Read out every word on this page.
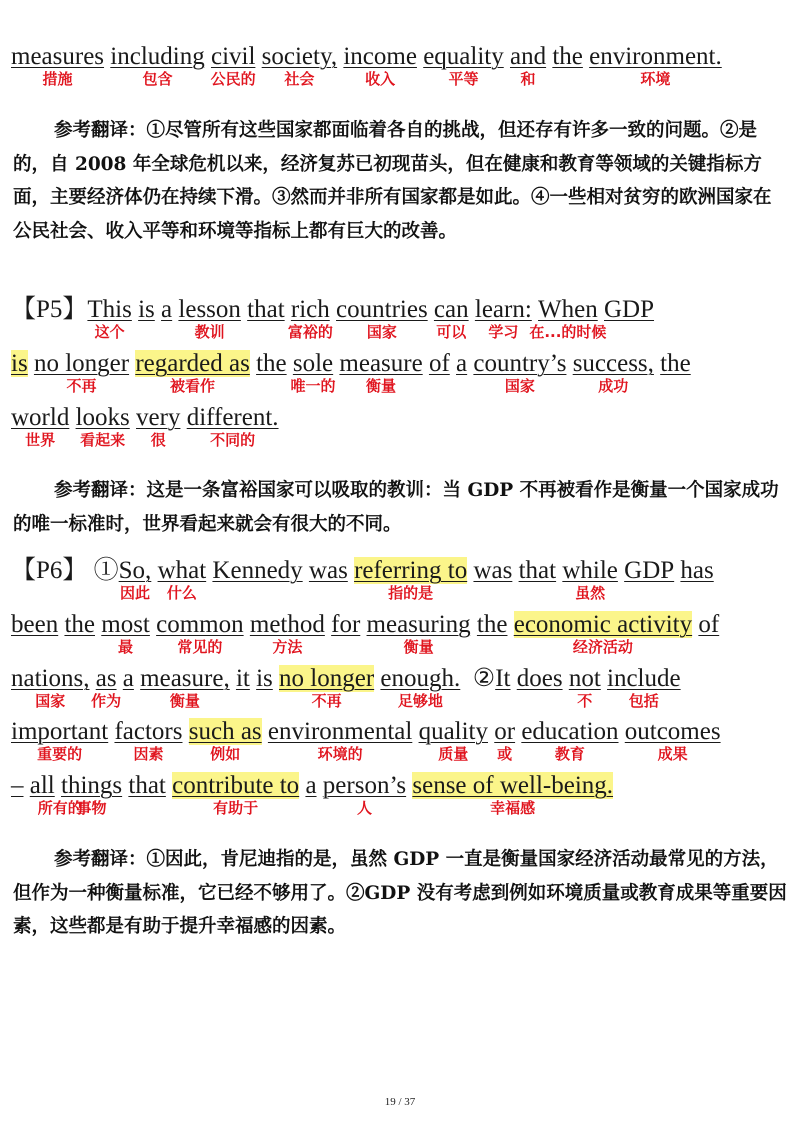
measures
措施
including
包含
civil
公民的
society,
社会
income
收入
equality
平等
and
和
the environment.
环境

参考翻译：①尽管所有这些国家都面临着各自的挑战，但还存有许多一致的问题。②是的，自 2008 年全球危机以来，经济复苏已初现苗头，但在健康和教育等领域的关键指标方面，主要经济体仍在持续下滑。③然而并非所有国家都是如此。④一些相对贫穷的欧洲国家在公民社会、收入平等和环境等指标上都有巨大的改善。

【P5】This
这个
is a lesson
教训
that rich
富裕的
countries
国家
can
可以
learn:
学习
When
在...的时候
GDP
is no longer
不再
regarded as
被看作
the sole
唯一的
measure
衡量
of a country’s
国家
success,
成功
the
world
世界
looks
看起来
very
很
different.
不同的

参考翻译：这是一条富裕国家可以吸取的教训：当 GDP 不再被看作是衡量一个国家成功的唯一标准时，世界看起来就会有很大的不同。

【P6】 ①So,
因此
what
什么
Kennedy was referring to
指的是
was that while
虽然
GDP has
been the most
最
common
常见的
method
方法
for measuring
衡量
the economic activity
经济活动
of
nations,
国家
as
作为
a measure,
衡量
it is no longer
不再
enough.
足够地
②It does not
不
include
包括
important
重要的
factors
因素
such as
例如
environmental
环境的
quality
质量
or
或
education
教育
outcomes
成果
– all
所有的
things
事物
that contribute to
有助于
a person’s
人
sense of well-being.
幸福感

参考翻译：①因此，肯尼迪指的是，虽然 GDP 一直是衡量国家经济活动最常见的方法，但作为一种衡量标准，它已经不够用了。②GDP 没有考虑到例如环境质量或教育成果等重要因素，这些都是有助于提升幸福感的因素。

19 / 37
